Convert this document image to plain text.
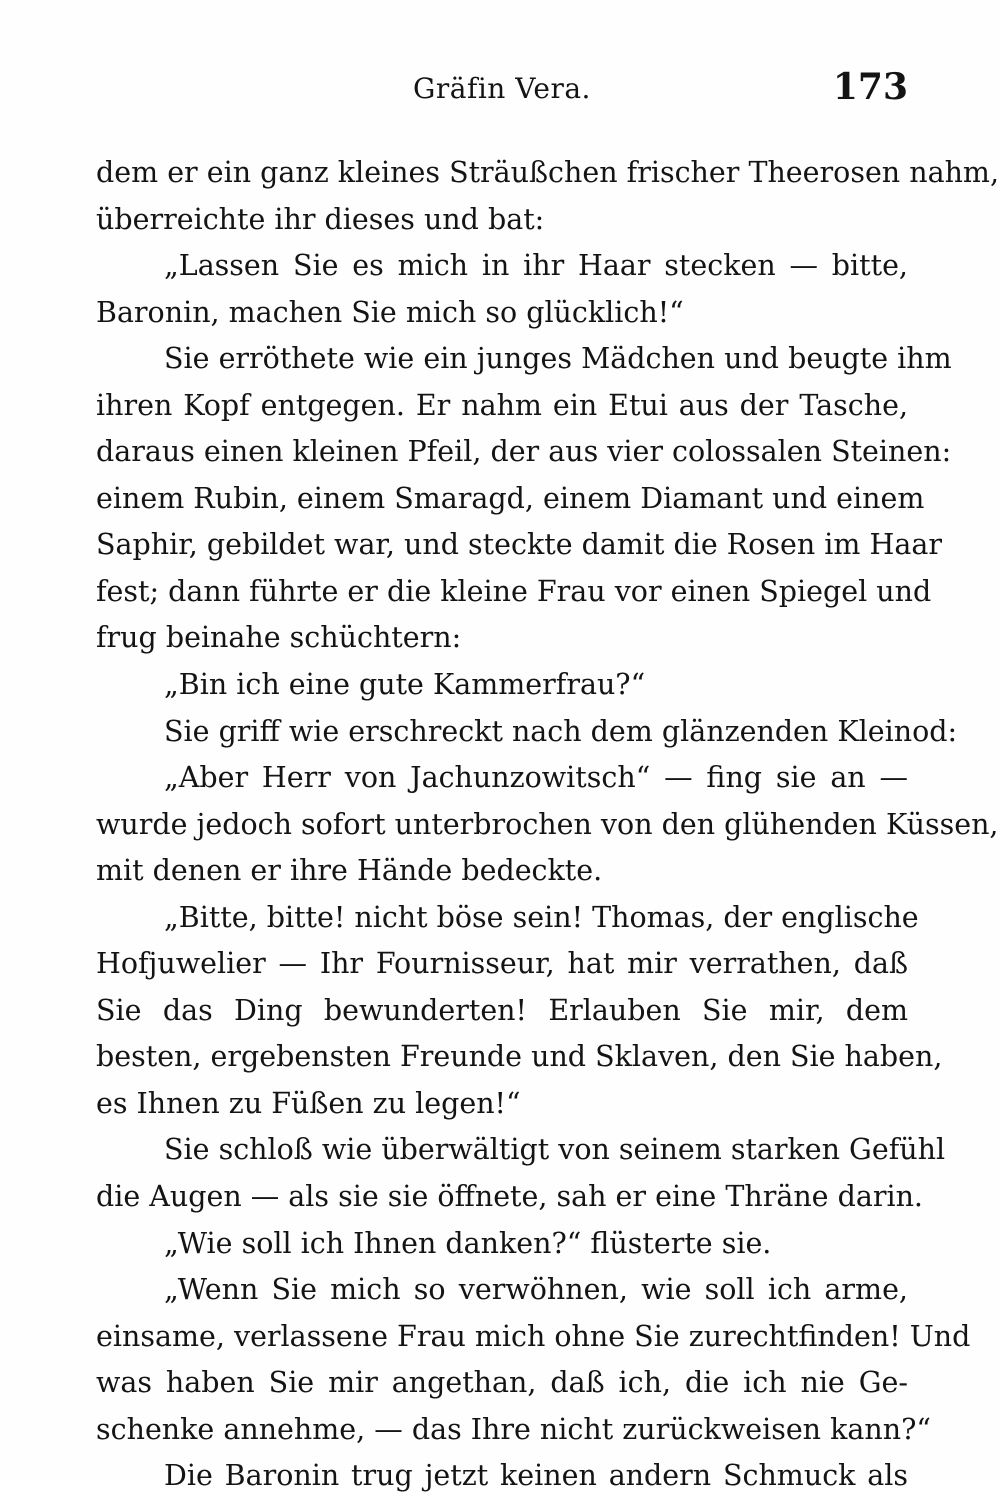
Gräfin Vera.	173
dem er ein ganz kleines Sträußchen frischer Theerosen nahm,
überreichte ihr dieses und bat:
„Lassen Sie es mich in ihr Haar stecken — bitte,
Baronin, machen Sie mich so glücklich!“
Sie erröthete wie ein junges Mädchen und beugte ihm
ihren Kopf entgegen. Er nahm ein Etui aus der Tasche,
daraus einen kleinen Pfeil, der aus vier colossalen Steinen:
einem Rubin, einem Smaragd, einem Diamant und einem
Saphir, gebildet war, und steckte damit die Rosen im Haar
fest; dann führte er die kleine Frau vor einen Spiegel und
frug beinahe schüchtern:
„Bin ich eine gute Kammerfrau?“
Sie griff wie erschreckt nach dem glänzenden Kleinod:
„Aber Herr von Jachunzowitsch“ — fing sie an —
wurde jedoch sofort unterbrochen von den glühenden Küssen,
mit denen er ihre Hände bedeckte.
„Bitte, bitte! nicht böse sein! Thomas, der englische
Hofjuwelier — Ihr Fournisseur, hat mir verrathen, daß
Sie das Ding bewunderten! Erlauben Sie mir, dem
besten, ergebensten Freunde und Sklaven, den Sie haben,
es Ihnen zu Füßen zu legen!“
Sie schloß wie überwältigt von seinem starken Gefühl
die Augen — als sie sie öffnete, sah er eine Thräne darin.
„Wie soll ich Ihnen danken?“ flüsterte sie.
„Wenn Sie mich so verwöhnen, wie soll ich arme,
einsame, verlassene Frau mich ohne Sie zurechtfinden! Und
was haben Sie mir angethan, daß ich, die ich nie Ge-
schenke annehme, — das Ihre nicht zurückweisen kann?“
Die Baronin trug jetzt keinen andern Schmuck als
